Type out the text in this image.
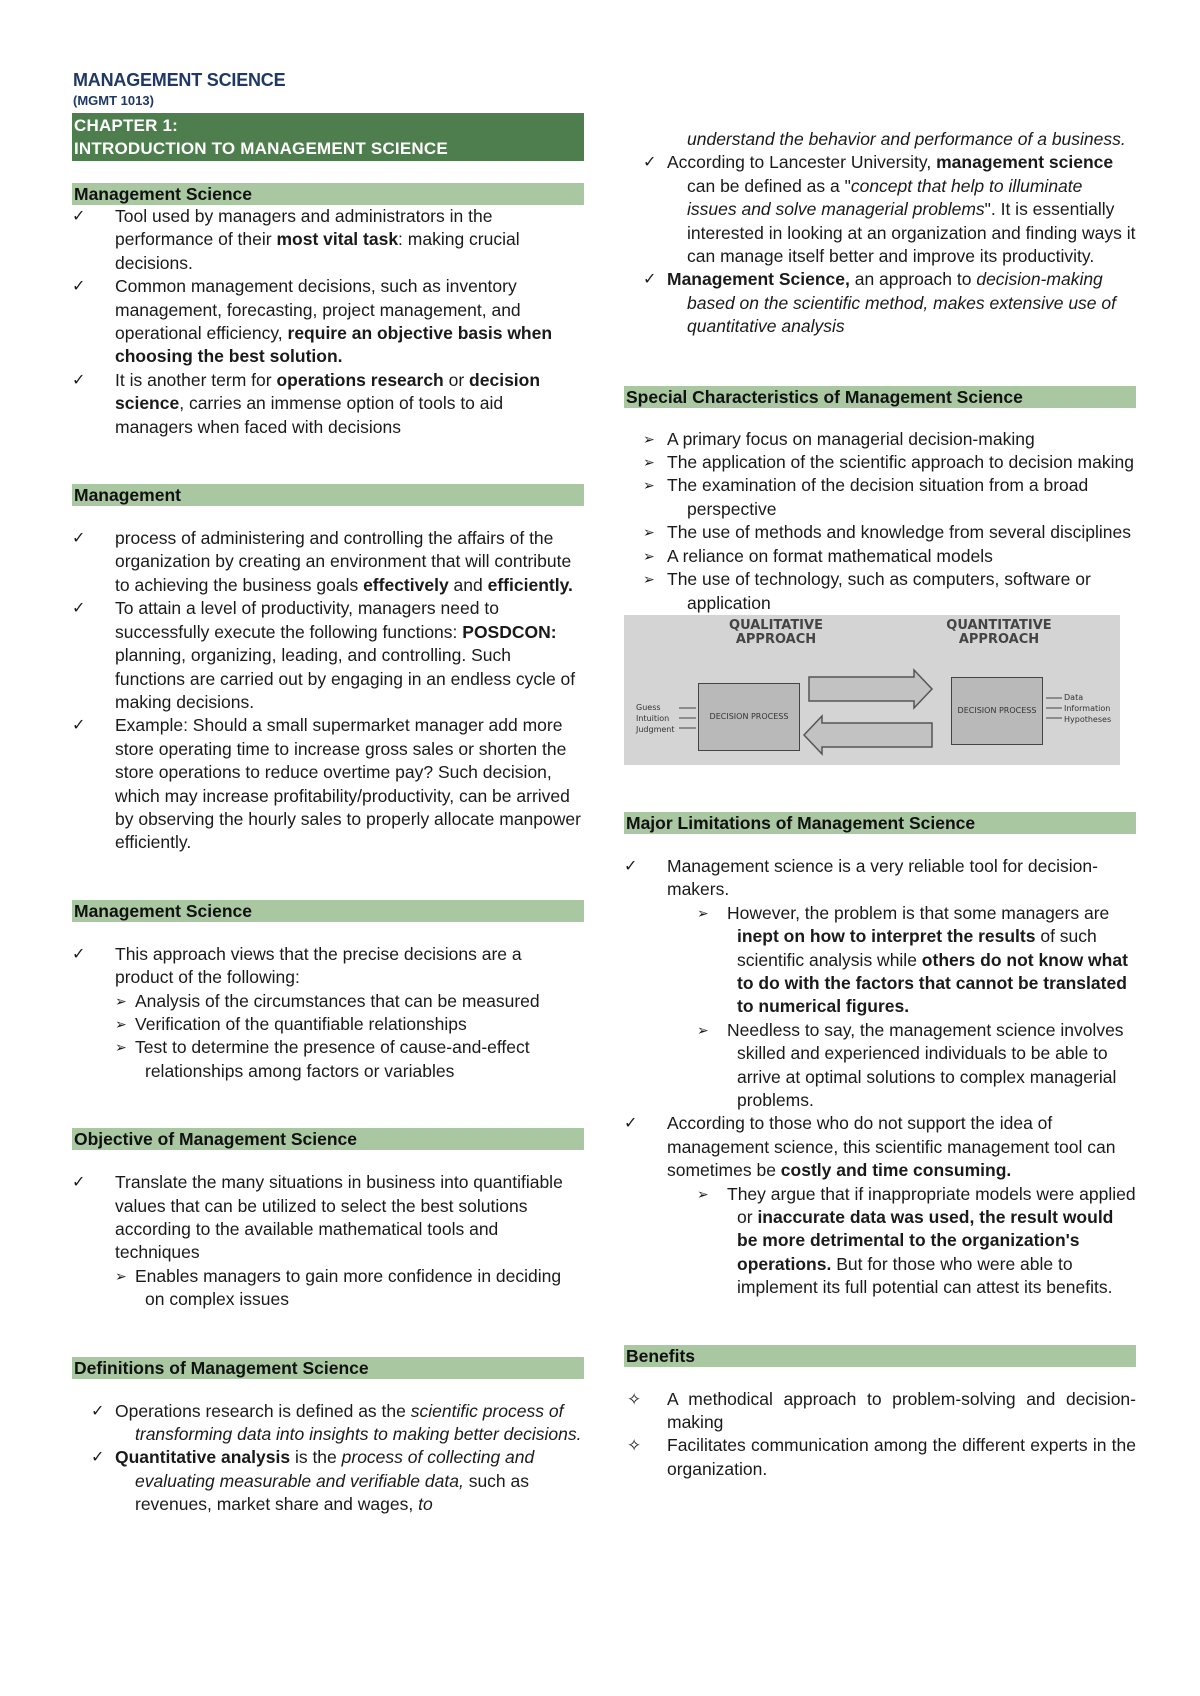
MANAGEMENT SCIENCE
(MGMT 1013)
CHAPTER 1:
INTRODUCTION TO MANAGEMENT SCIENCE
Management Science
✓ Tool used by managers and administrators in the performance of their most vital task: making crucial decisions.
✓ Common management decisions, such as inventory management, forecasting, project management, and operational efficiency, require an objective basis when choosing the best solution.
✓ It is another term for operations research or decision science, carries an immense option of tools to aid managers when faced with decisions
Management
✓ process of administering and controlling the affairs of the organization by creating an environment that will contribute to achieving the business goals effectively and efficiently.
✓ To attain a level of productivity, managers need to successfully execute the following functions: POSDCON: planning, organizing, leading, and controlling. Such functions are carried out by engaging in an endless cycle of making decisions.
✓ Example: Should a small supermarket manager add more store operating time to increase gross sales or shorten the store operations to reduce overtime pay? Such decision, which may increase profitability/productivity, can be arrived by observing the hourly sales to properly allocate manpower efficiently.
Management Science
✓ This approach views that the precise decisions are a product of the following:
➢ Analysis of the circumstances that can be measured
➢ Verification of the quantifiable relationships
➢ Test to determine the presence of cause-and-effect relationships among factors or variables
Objective of Management Science
✓ Translate the many situations in business into quantifiable values that can be utilized to select the best solutions according to the available mathematical tools and techniques
➢ Enables managers to gain more confidence in deciding on complex issues
Definitions of Management Science
✓ Operations research is defined as the scientific process of transforming data into insights to making better decisions.
✓ Quantitative analysis is the process of collecting and evaluating measurable and verifiable data, such as revenues, market share and wages, to
understand the behavior and performance of a business.
✓ According to Lancester University, management science can be defined as a "concept that help to illuminate issues and solve managerial problems". It is essentially interested in looking at an organization and finding ways it can manage itself better and improve its productivity.
✓ Management Science, an approach to decision-making based on the scientific method, makes extensive use of quantitative analysis
Special Characteristics of Management Science
➢ A primary focus on managerial decision-making
➢ The application of the scientific approach to decision making
➢ The examination of the decision situation from a broad perspective
➢ The use of methods and knowledge from several disciplines
➢ A reliance on format mathematical models
➢ The use of technology, such as computers, software or application
QUALITATIVE
APPROACH
QUANTITATIVE
APPROACH
Guess
Intuition
Judgment
DECISION PROCESS
DECISION PROCESS
Data
Information
Hypotheses
Major Limitations of Management Science
✓ Management science is a very reliable tool for decision-makers.
➢ However, the problem is that some managers are inept on how to interpret the results of such scientific analysis while others do not know what to do with the factors that cannot be translated to numerical figures.
➢ Needless to say, the management science involves skilled and experienced individuals to be able to arrive at optimal solutions to complex managerial problems.
✓ According to those who do not support the idea of management science, this scientific management tool can sometimes be costly and time consuming.
➢ They argue that if inappropriate models were applied or inaccurate data was used, the result would be more detrimental to the organization's operations. But for those who were able to implement its full potential can attest its benefits.
Benefits
✧ A methodical approach to problem-solving and decision-making
✧ Facilitates communication among the different experts in the organization.
